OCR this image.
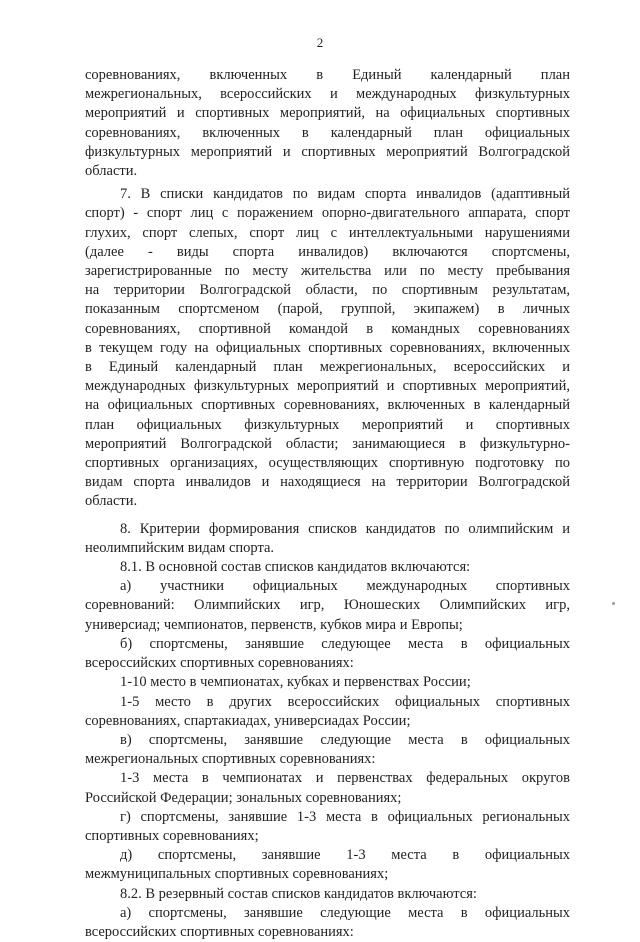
2

соревнованиях, включенных в Единый календарный план
межрегиональных, всероссийских и международных физкультурных
мероприятий и спортивных мероприятий, на официальных спортивных
соревнованиях, включенных в календарный план официальных
физкультурных мероприятий и спортивных мероприятий Волгоградской
области.

7. В списки кандидатов по видам спорта инвалидов (адаптивный
спорт) - спорт лиц с поражением опорно-двигательного аппарата, спорт
глухих, спорт слепых, спорт лиц с интеллектуальными нарушениями
(далее - виды спорта инвалидов) включаются спортсмены,
зарегистрированные по месту жительства или по месту пребывания
на территории Волгоградской области, по спортивным результатам,
показанным спортсменом (парой, группой, экипажем) в личных
соревнованиях, спортивной командой в командных соревнованиях
в текущем году на официальных спортивных соревнованиях, включенных
в Единый календарный план межрегиональных, всероссийских и
международных физкультурных мероприятий и спортивных мероприятий,
на официальных спортивных соревнованиях, включенных в календарный
план официальных физкультурных мероприятий и спортивных
мероприятий Волгоградской области; занимающиеся в физкультурно-
спортивных организациях, осуществляющих спортивную подготовку по
видам спорта инвалидов и находящиеся на территории Волгоградской
области.

8. Критерии формирования списков кандидатов по олимпийским и
неолимпийским видам спорта.

8.1. В основной состав списков кандидатов включаются:

а) участники официальных международных спортивных
соревнований: Олимпийских игр, Юношеских Олимпийских игр,
универсиад; чемпионатов, первенств, кубков мира и Европы;

б) спортсмены, занявшие следующее места в официальных
всероссийских спортивных соревнованиях:

1-10 место в чемпионатах, кубках и первенствах России;

1-5 место в других всероссийских официальных спортивных
соревнованиях, спартакиадах, универсиадах России;

в) спортсмены, занявшие следующие места в официальных
межрегиональных спортивных соревнованиях:

1-3 места в чемпионатах и первенствах федеральных округов
Российской Федерации; зональных соревнованиях;

г) спортсмены, занявшие 1-3 места в официальных региональных
спортивных соревнованиях;

д) спортсмены, занявшие 1-3 места в официальных
межмуниципальных спортивных соревнованиях;

8.2. В резервный состав списков кандидатов включаются:

а) спортсмены, занявшие следующие места в официальных
всероссийских спортивных соревнованиях:
